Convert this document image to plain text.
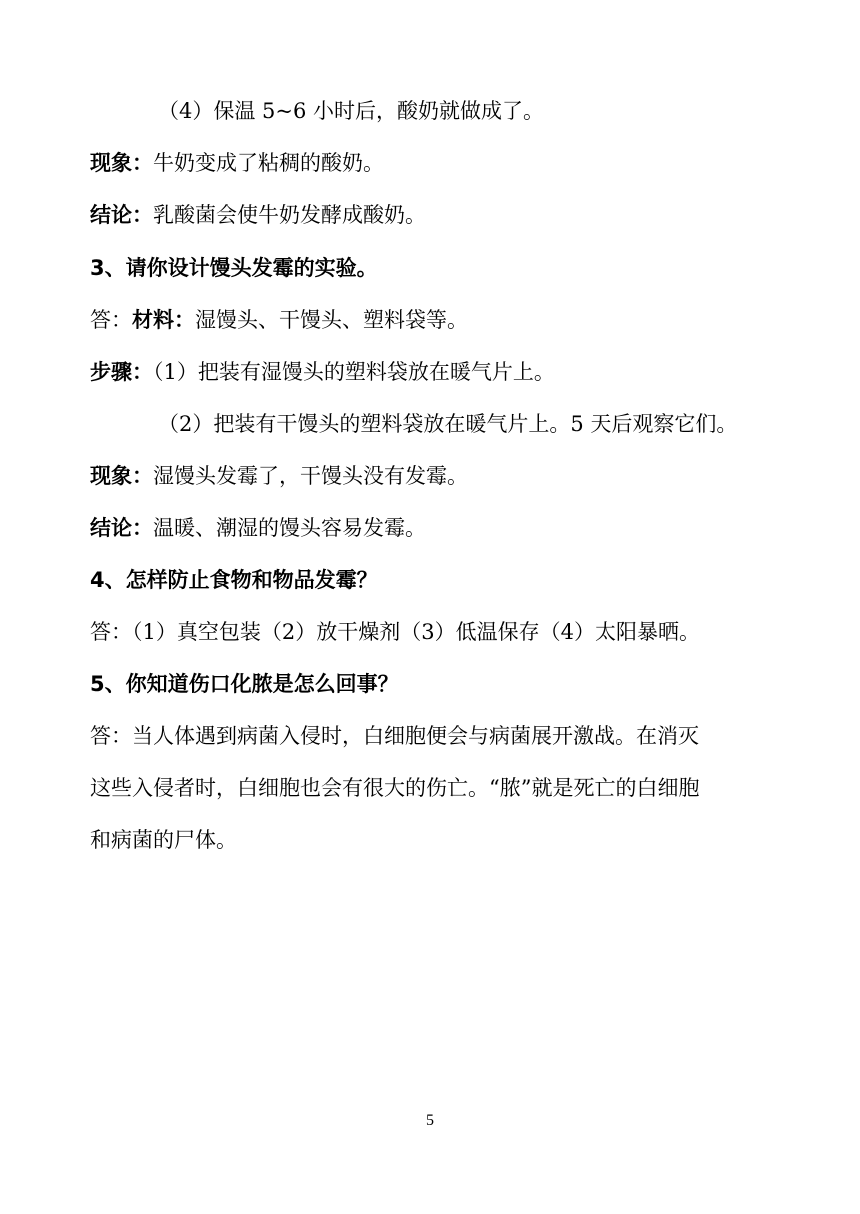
（4）保温 5~6 小时后，酸奶就做成了。
现象：牛奶变成了粘稠的酸奶。
结论：乳酸菌会使牛奶发酵成酸奶。
3、请你设计馒头发霉的实验。
答：材料：湿馒头、干馒头、塑料袋等。
步骤：（1）把装有湿馒头的塑料袋放在暖气片上。
（2）把装有干馒头的塑料袋放在暖气片上。5 天后观察它们。
现象：湿馒头发霉了，干馒头没有发霉。
结论：温暖、潮湿的馒头容易发霉。
4、怎样防止食物和物品发霉？
答：（1）真空包装（2）放干燥剂（3）低温保存（4）太阳暴晒。
5、你知道伤口化脓是怎么回事？
答：当人体遇到病菌入侵时，白细胞便会与病菌展开激战。在消灭
这些入侵者时，白细胞也会有很大的伤亡。“脓”就是死亡的白细胞
和病菌的尸体。
5
